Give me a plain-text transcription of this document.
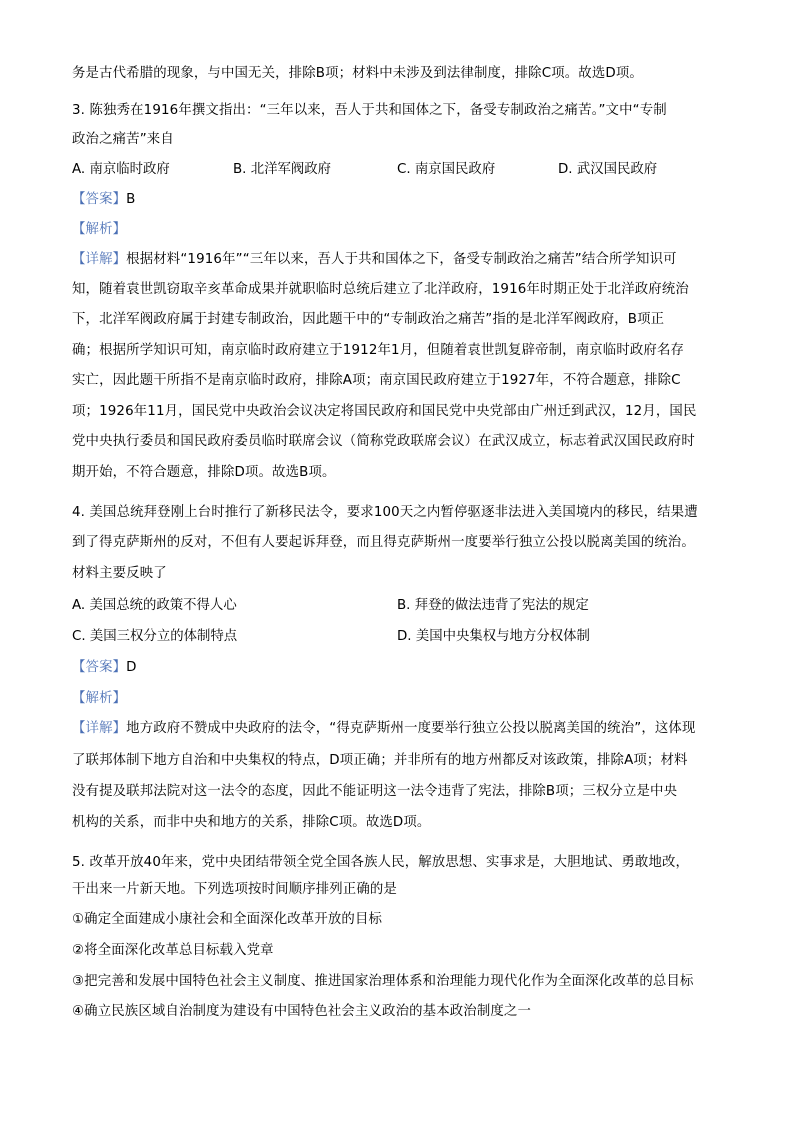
务是古代希腊的现象，与中国无关，排除B项；材料中未涉及到法律制度，排除C项。故选D项。
3. 陈独秀在1916年撰文指出：“三年以来，吾人于共和国体之下，备受专制政治之痛苦。”文中“专制
政治之痛苦”来自
A. 南京临时政府	B. 北洋军阀政府	C. 南京国民政府	D. 武汉国民政府
【答案】B
【解析】
【详解】根据材料“1916年”“三年以来，吾人于共和国体之下，备受专制政治之痛苦”结合所学知识可
知，随着袁世凯窃取辛亥革命成果并就职临时总统后建立了北洋政府，1916年时期正处于北洋政府统治
下，北洋军阀政府属于封建专制政治，因此题干中的“专制政治之痛苦”指的是北洋军阀政府，B项正
确；根据所学知识可知，南京临时政府建立于1912年1月，但随着袁世凯复辟帝制，南京临时政府名存
实亡，因此题干所指不是南京临时政府，排除A项；南京国民政府建立于1927年，不符合题意，排除C
项；1926年11月，国民党中央政治会议决定将国民政府和国民党中央党部由广州迁到武汉，12月，国民
党中央执行委员和国民政府委员临时联席会议（简称党政联席会议）在武汉成立，标志着武汉国民政府时
期开始，不符合题意，排除D项。故选B项。
4. 美国总统拜登刚上台时推行了新移民法令，要求100天之内暂停驱逐非法进入美国境内的移民，结果遭
到了得克萨斯州的反对，不但有人要起诉拜登，而且得克萨斯州一度要举行独立公投以脱离美国的统治。
材料主要反映了
A. 美国总统的政策不得人心	B. 拜登的做法违背了宪法的规定
C. 美国三权分立的体制特点	D. 美国中央集权与地方分权体制
【答案】D
【解析】
【详解】地方政府不赞成中央政府的法令，“得克萨斯州一度要举行独立公投以脱离美国的统治”，这体现
了联邦体制下地方自治和中央集权的特点，D项正确；并非所有的地方州都反对该政策，排除A项；材料
没有提及联邦法院对这一法令的态度，因此不能证明这一法令违背了宪法，排除B项；三权分立是中央
机构的关系，而非中央和地方的关系，排除C项。故选D项。
5. 改革开放40年来，党中央团结带领全党全国各族人民，解放思想、实事求是，大胆地试、勇敢地改，
干出来一片新天地。下列选项按时间顺序排列正确的是
①确定全面建成小康社会和全面深化改革开放的目标
②将全面深化改革总目标载入党章
③把完善和发展中国特色社会主义制度、推进国家治理体系和治理能力现代化作为全面深化改革的总目标
④确立民族区域自治制度为建设有中国特色社会主义政治的基本政治制度之一
